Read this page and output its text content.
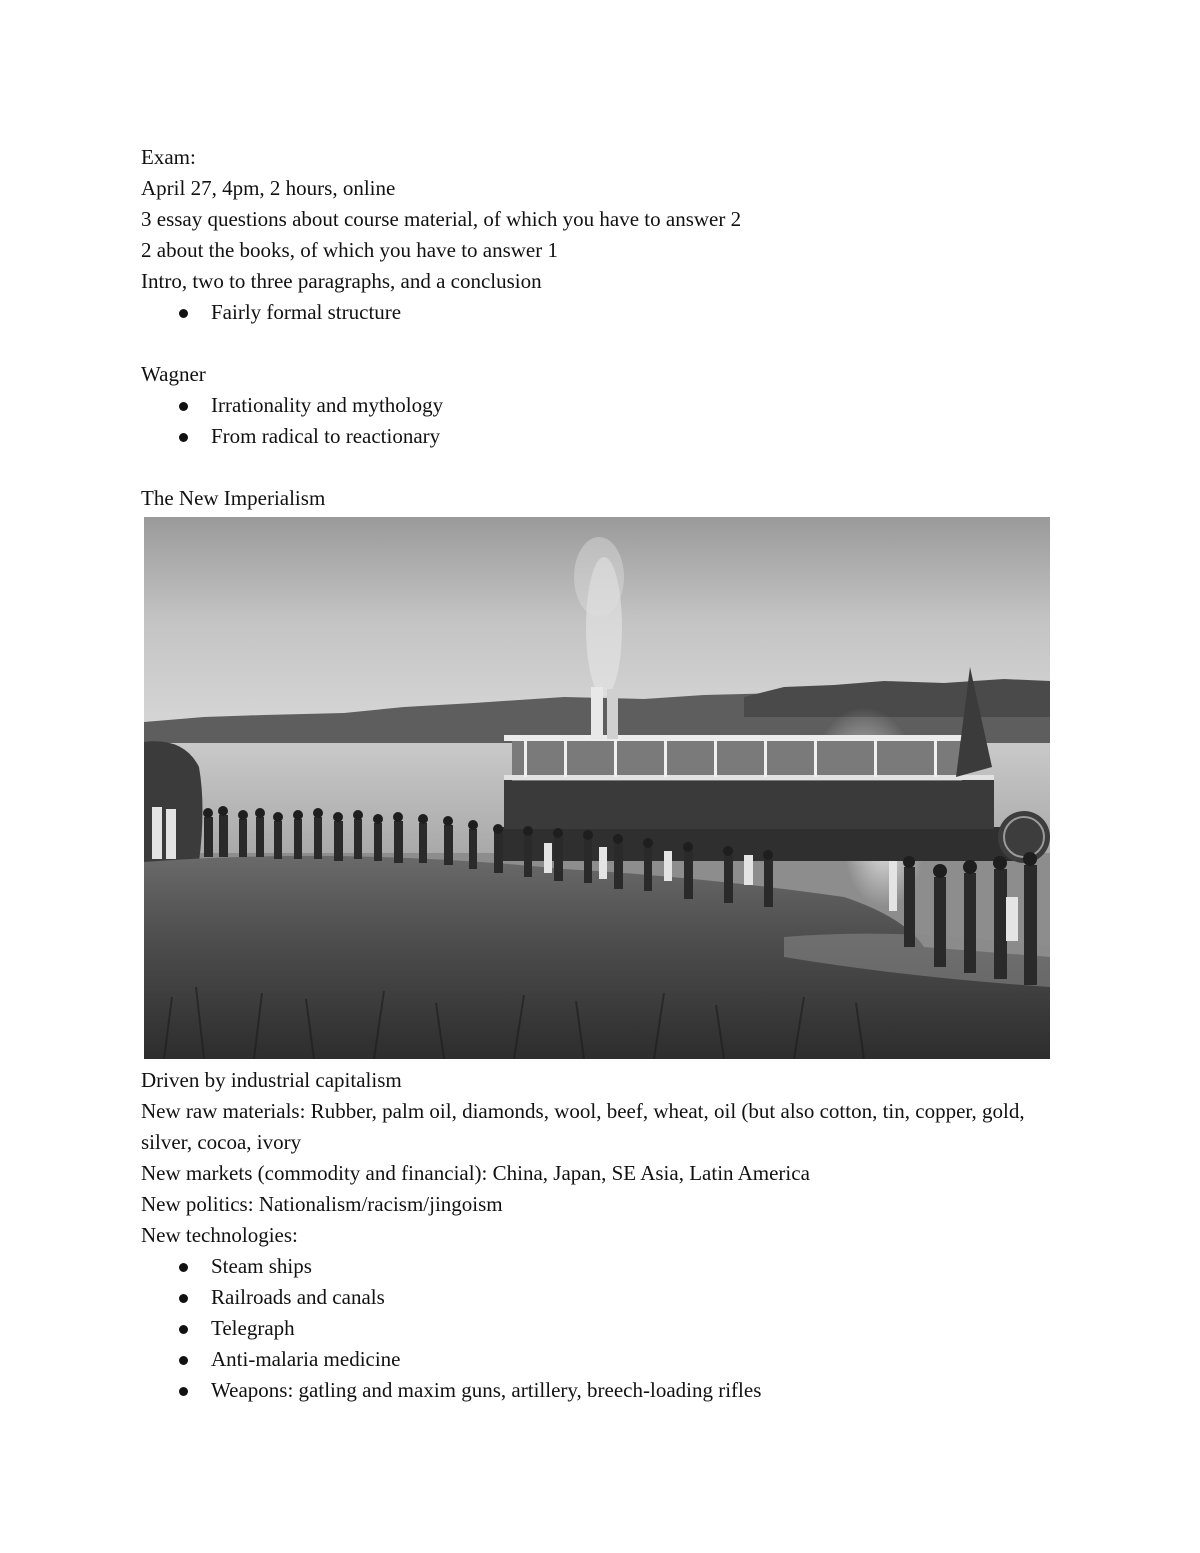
Exam:
April 27, 4pm, 2 hours, online
3 essay questions about course material, of which you have to answer 2
2 about the books, of which you have to answer 1
Intro, two to three paragraphs, and a conclusion
Fairly formal structure
Wagner
Irrationality and mythology
From radical to reactionary
The New Imperialism
Driven by industrial capitalism
New raw materials: Rubber, palm oil, diamonds, wool, beef, wheat, oil (but also cotton, tin, copper, gold, silver, cocoa, ivory
New markets (commodity and financial): China, Japan, SE Asia, Latin America
New politics: Nationalism/racism/jingoism
New technologies:
Steam ships
Railroads and canals
Telegraph
Anti-malaria medicine
Weapons: gatling and maxim guns, artillery, breech-loading rifles
